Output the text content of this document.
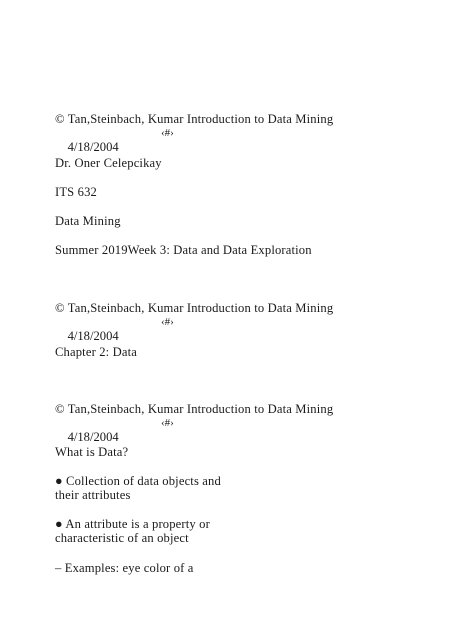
© Tan,Steinbach, Kumar Introduction to Data Mining

4/18/2004

‹#›

Dr. Oner Celepcikay
ITS 632
Data Mining
Summer 2019Week 3: Data and Data Exploration
© Tan,Steinbach, Kumar Introduction to Data Mining

4/18/2004

‹#›

Chapter 2: Data
© Tan,Steinbach, Kumar Introduction to Data Mining

4/18/2004

‹#›

What is Data?
● Collection of data objects and
their attributes
● An attribute is a property or
characteristic of an object
– Examples: eye color of a
